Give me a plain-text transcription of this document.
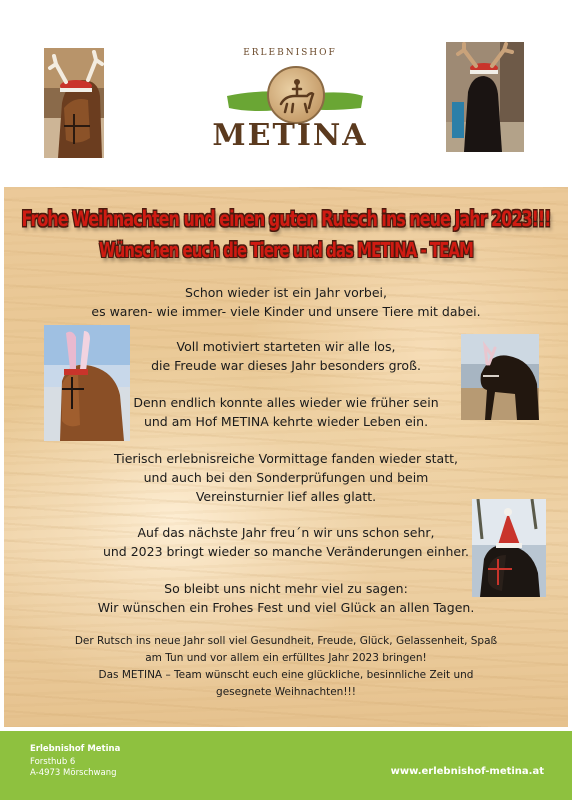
ERLEBNISHOF
METINA
Frohe Weihnachten und einen guten Rutsch ins neue Jahr 2023!!!
Wünschen euch die Tiere und das METINA - TEAM
Schon wieder ist ein Jahr vorbei,
es waren- wie immer- viele Kinder und unsere Tiere mit dabei.
Voll motiviert starteten wir alle los,
die Freude war dieses Jahr besonders groß.
Denn endlich konnte alles wieder wie früher sein
und am Hof METINA kehrte wieder Leben ein.
Tierisch erlebnisreiche Vormittage fanden wieder statt,
und auch bei den Sonderprüfungen und beim
Vereinsturnier lief alles glatt.
Auf das nächste Jahr freu´n wir uns schon sehr,
und 2023 bringt wieder so manche Veränderungen einher.
So bleibt uns nicht mehr viel zu sagen:
Wir wünschen ein Frohes Fest und viel Glück an allen Tagen.
Der Rutsch ins neue Jahr soll viel Gesundheit, Freude, Glück, Gelassenheit, Spaß
am Tun und vor allem ein erfülltes Jahr 2023 bringen!
Das METINA – Team wünscht euch eine glückliche, besinnliche Zeit und
gesegnete Weihnachten!!!
Erlebnishof Metina
Forsthub 6
A-4973 Mörschwang	www.erlebnishof-metina.at
